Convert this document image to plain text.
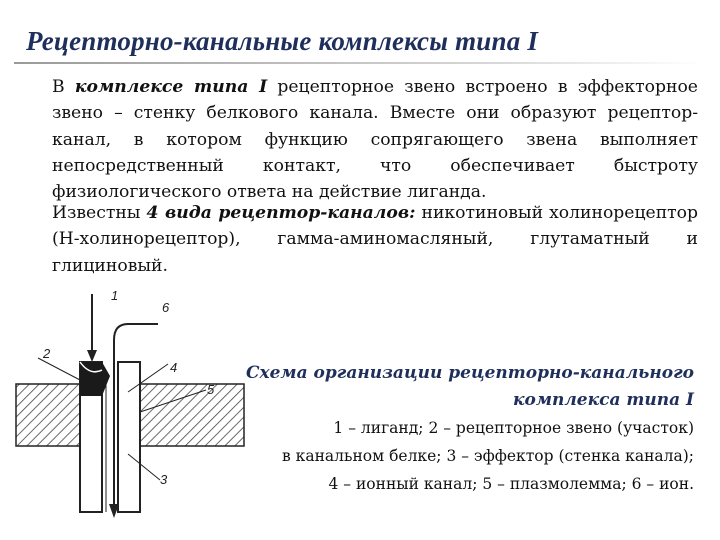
Рецепторно-канальные комплексы типа I
В комплексе типа I рецепторное звено встроено в эффекторное звено – стенку белкового канала. Вместе они образуют рецептор-канал, в котором функцию сопрягающего звена выполняет непосредственный контакт, что обеспечивает быстроту физиологического ответа на действие лиганда.
Известны 4 вида рецептор-каналов: никотиновый холинорецептор (Н-холинорецептор), гамма-аминомасляный, глутаматный и глициновый.
1
2
3
4
5
6
Схема организации рецепторно-канального
комплекса типа I
1 – лиганд; 2 – рецепторное звено (участок)
в канальном белке; 3 – эффектор (стенка канала);
4 – ионный канал; 5 – плазмолемма; 6 – ион.
